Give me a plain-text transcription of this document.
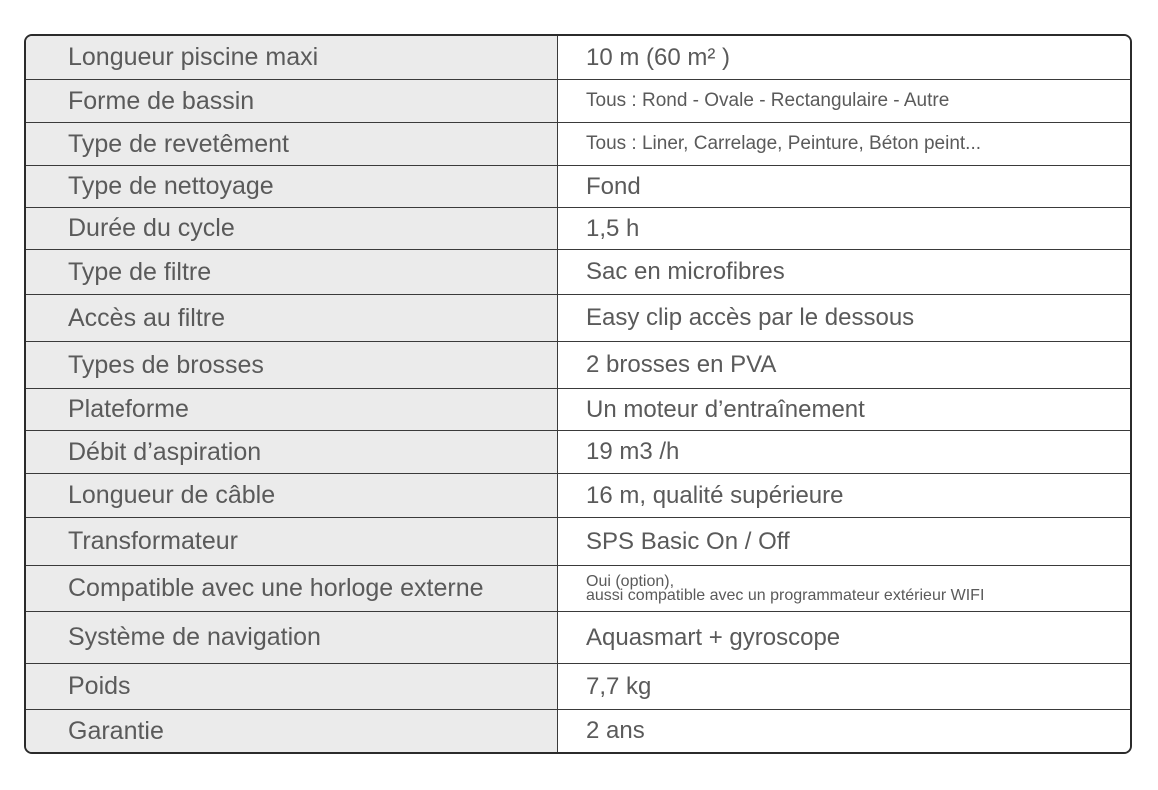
Longueur piscine maxi	10 m (60 m² )
Forme de bassin	Tous : Rond - Ovale - Rectangulaire - Autre
Type de revetêment	Tous : Liner, Carrelage, Peinture, Béton peint...
Type de nettoyage	Fond
Durée du cycle	1,5 h
Type de filtre	Sac en microfibres
Accès au filtre	Easy clip accès par le dessous
Types de brosses	2 brosses en PVA
Plateforme	Un moteur d’entraînement
Débit d’aspiration	19 m3 /h
Longueur de câble	16 m, qualité supérieure
Transformateur	SPS Basic On / Off
Compatible avec une horloge externe	Oui (option),
aussi compatible avec un programmateur extérieur WIFI
Système de navigation	Aquasmart + gyroscope
Poids	7,7 kg
Garantie	2 ans
